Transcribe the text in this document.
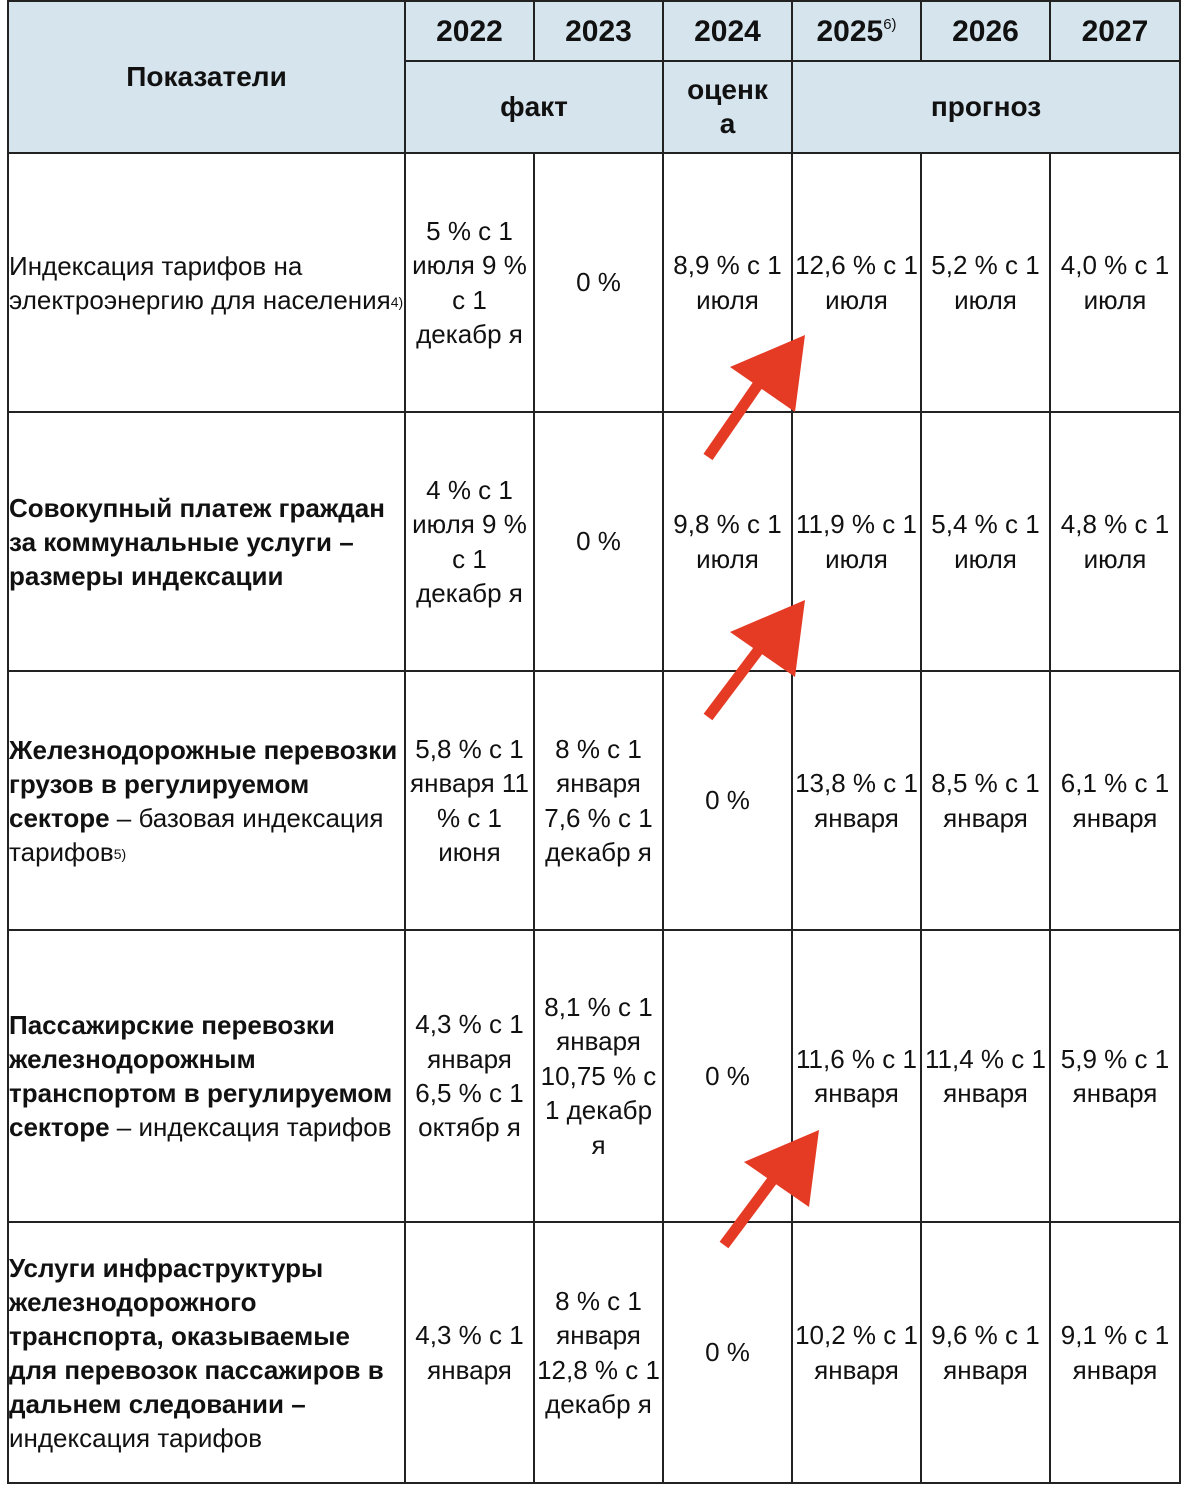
Показатели	2022	2023	2024	2025$^{6)}$	2026	2027
	факт		оценк а	прогноз		
Индексация тарифов на электроэнергию для населения$^{4)}$	5 % с 1 июля 9 % с 1 декабр я	0 %	8,9 % с 1 июля	12,6 % с 1 июля	5,2 % с 1 июля	4,0 % с 1 июля
Совокупный платеж граждан за коммунальные услуги – размеры индексации	4 % с 1 июля 9 % с 1 декабр я	0 %	9,8 % с 1 июля	11,9 % с 1 июля	5,4 % с 1 июля	4,8 % с 1 июля
Железнодорожные перевозки грузов в регулируемом секторе – базовая индексация тарифов$^{5)}$	5,8 % с 1 января 11 % с 1 июня	8 % с 1 января 7,6 % с 1 декабр я	0 %	13,8 % с 1 января	8,5 % с 1 января	6,1 % с 1 января
Пассажирские перевозки железнодорожным транспортом в регулируемом секторе – индексация тарифов	4,3 % с 1 января 6,5 % с 1 октябр я	8,1 % с 1 января 10,75 % с 1 декабр я	0 %	11,6 % с 1 января	11,4 % с 1 января	5,9 % с 1 января
Услуги инфраструктуры железнодорожного транспорта, оказываемые для перевозок пассажиров в дальнем следовании – индексация тарифов	4,3 % с 1 января	8 % с 1 января 12,8 % с 1 декабр я	0 %	10,2 % с 1 января	9,6 % с 1 января	9,1 % с 1 января
